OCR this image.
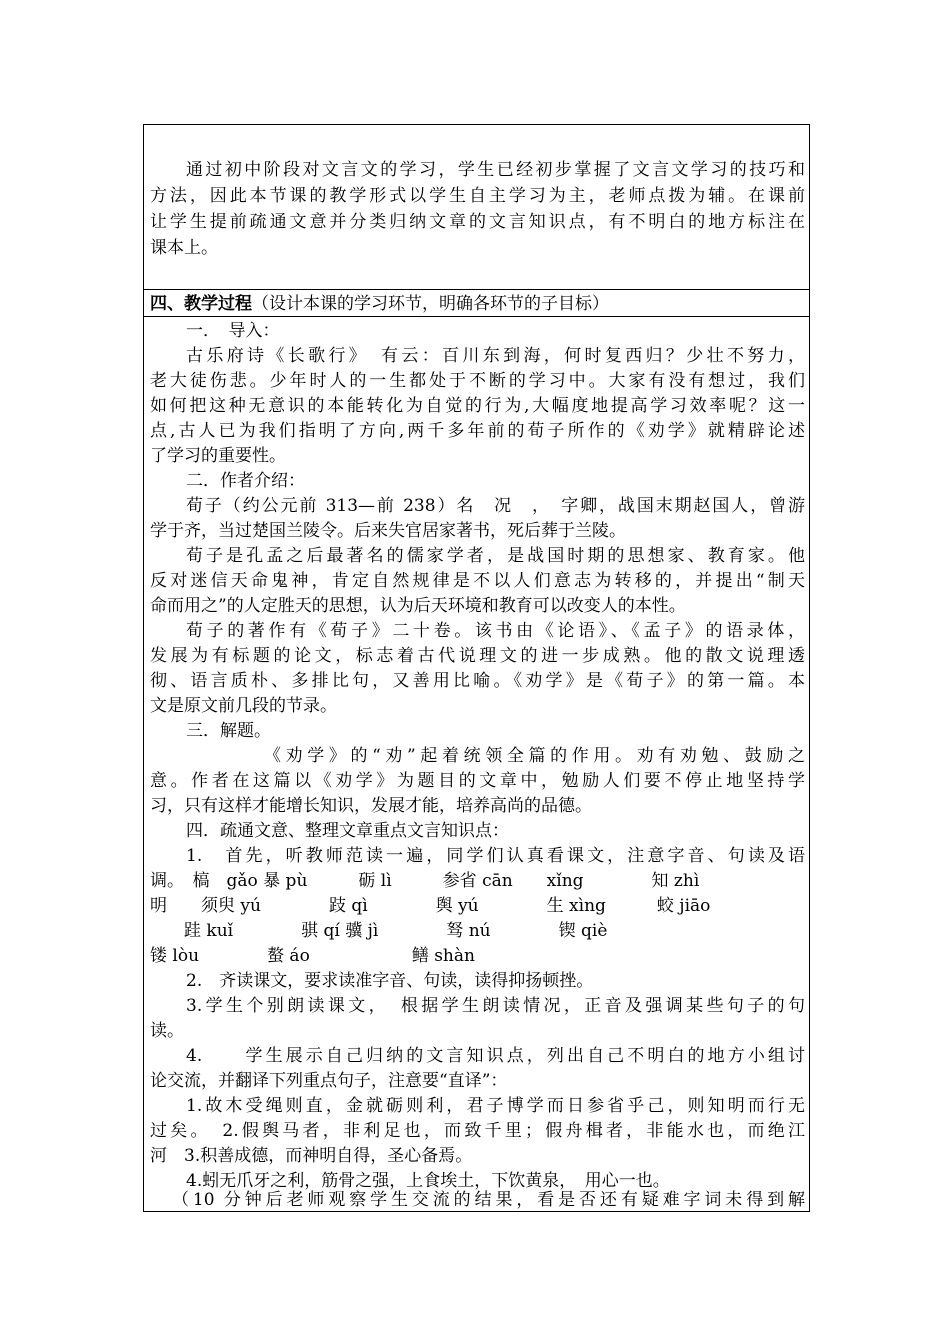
通过初中阶段对文言文的学习，学生已经初步掌握了文言文学习的技巧和
方法，因此本节课的教学形式以学生自主学习为主，老师点拨为辅。在课前
让学生提前疏通文意并分类归纳文章的文言知识点，有不明白的地方标注在
课本上。
四、教学过程（设计本课的学习环节，明确各环节的子目标）
一．　导入：
古乐府诗《长歌行》　有云：百川东到海，何时复西归？少壮不努力，
老大徒伤悲。少年时人的一生都处于不断的学习中。大家有没有想过，我们
如何把这种无意识的本能转化为自觉的行为,大幅度地提高学习效率呢？这一
点,古人已为我们指明了方向,两千多年前的荀子所作的《劝学》就精辟论述
了学习的重要性。
二．作者介绍：
荀子（约公元前 313—前 238）名　况　，　字卿，战国末期赵国人，曾游
学于齐，当过楚国兰陵令。后来失官居家著书，死后葬于兰陵。
荀子是孔孟之后最著名的儒家学者，是战国时期的思想家、教育家。他
反对迷信天命鬼神，肯定自然规律是不以人们意志为转移的，并提出“制天
命而用之”的人定胜天的思想，认为后天环境和教育可以改变人的本性。
荀子的著作有《荀子》二十卷。该书由《论语》、《孟子》的语录体，
发展为有标题的论文，标志着古代说理文的进一步成熟。他的散文说理透
彻、语言质朴、多排比句，又善用比喻。《劝学》是《荀子》的第一篇。本
文是原文前几段的节录。
三．解题。
　　　　《劝学》的“劝”起着统领全篇的作用。劝有劝勉、鼓励之
意。作者在这篇以《劝学》为题目的文章中，勉励人们要不停止地坚持学
习，只有这样才能增长知识，发展才能，培养高尚的品德。
四．疏通文意、整理文章重点文言知识点：
1.　首先，听教师范读一遍，同学们认真看课文，注意字音、句读及语
调。　槁　gǎo 暴 pù　　　砺 lì　　　参省 cān　　xǐng　　　　知 zhì
明　　须臾 yú　　　　跂 qì　　　　舆 yú　　　　生 xìng　　　蛟 jiāo
　　跬 kuǐ　　　　骐 qí 骥 jì　　　　驽 nú　　　　锲 qiè
镂 lòu　　　　螯 áo　　　　　　鳝 shàn
2.　齐读课文，要求读准字音、句读，读得抑扬顿挫。
3.学生个别朗读课文，　根据学生朗读情况，正音及强调某些句子的句
读。
4.　　学生展示自己归纳的文言知识点，列出自己不明白的地方小组讨
论交流，并翻译下列重点句子，注意要“直译”：
1.故木受绳则直，金就砺则利，君子博学而日参省乎己，则知明而行无
过矣。　2.假舆马者，非利足也，而致千里；假舟楫者，非能水也，而绝江
河　3.积善成德，而神明自得，圣心备焉。
4.蚓无爪牙之利，筋骨之强，上食埃土，下饮黄泉，　用心一也。
（10 分钟后老师观察学生交流的结果，看是否还有疑难字词未得到解
